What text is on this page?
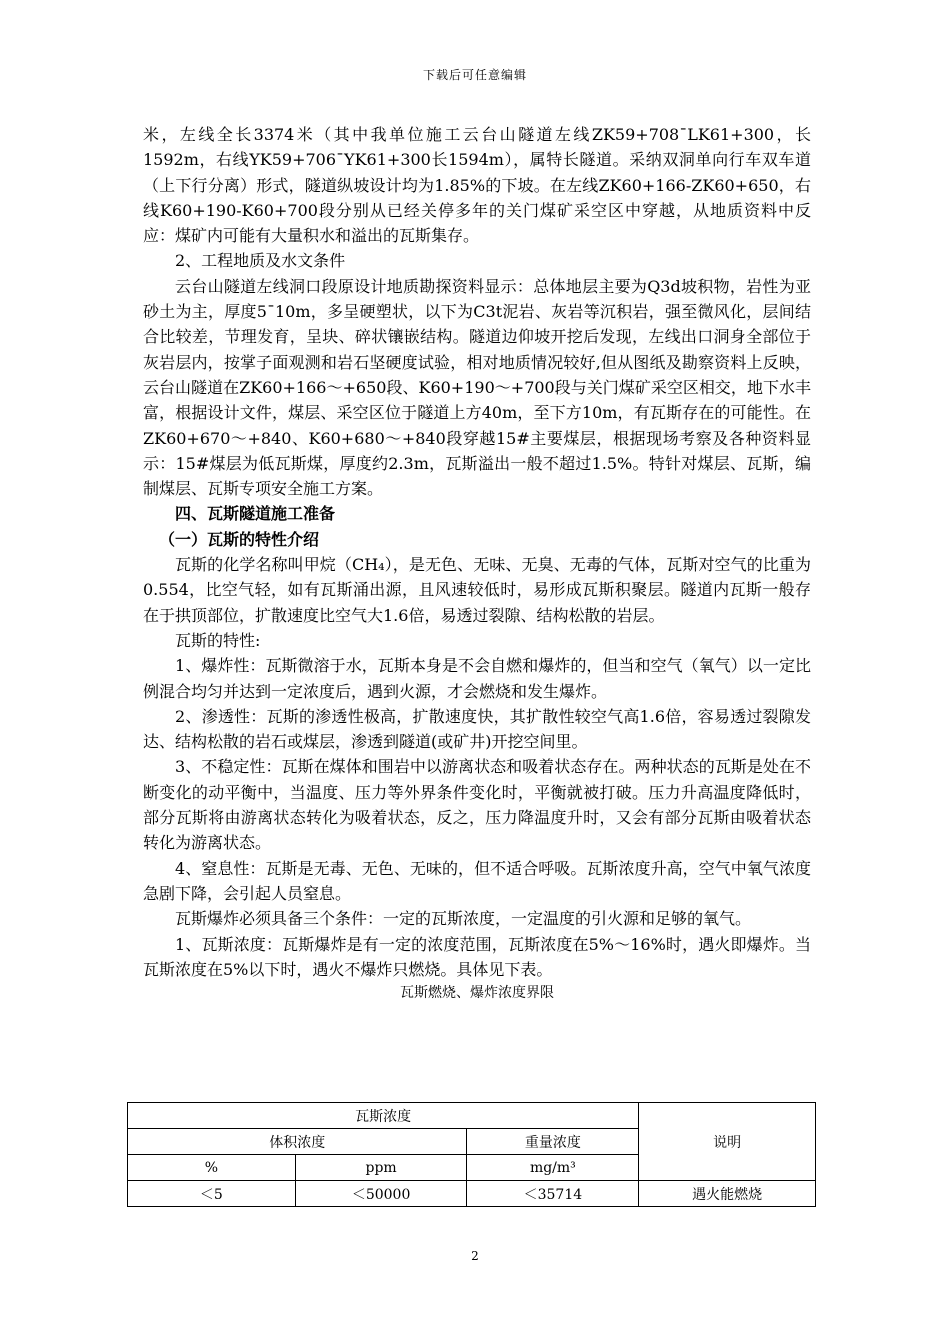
下载后可任意编辑

米，左线全长3374米（其中我单位施工云台山隧道左线ZK59+708¯LK61+300，长1592m，右线YK59+706¯YK61+300长1594m），属特长隧道。采纳双洞单向行车双车道（上下行分离）形式，隧道纵坡设计均为1.85%的下坡。在左线ZK60+166-ZK60+650，右线K60+190-K60+700段分别从已经关停多年的关门煤矿采空区中穿越，从地质资料中反应：煤矿内可能有大量积水和溢出的瓦斯集存。

2、工程地质及水文条件

云台山隧道左线洞口段原设计地质勘探资料显示：总体地层主要为Q3d坡积物，岩性为亚砂土为主，厚度5¯10m，多呈硬塑状，以下为C3t泥岩、灰岩等沉积岩，强至微风化，层间结合比较差，节理发育，呈块、碎状镶嵌结构。隧道边仰坡开挖后发现，左线出口洞身全部位于灰岩层内，按掌子面观测和岩石坚硬度试验，相对地质情况较好,但从图纸及勘察资料上反映，云台山隧道在ZK60+166～+650段、K60+190～+700段与关门煤矿采空区相交，地下水丰富，根据设计文件，煤层、采空区位于隧道上方40m，至下方10m，有瓦斯存在的可能性。在ZK60+670～+840、K60+680～+840段穿越15#主要煤层，根据现场考察及各种资料显示：15#煤层为低瓦斯煤，厚度约2.3m，瓦斯溢出一般不超过1.5%。特针对煤层、瓦斯，编制煤层、瓦斯专项安全施工方案。

四、瓦斯隧道施工准备

（一）瓦斯的特性介绍

瓦斯的化学名称叫甲烷（CH₄），是无色、无味、无臭、无毒的气体，瓦斯对空气的比重为0.554，比空气轻，如有瓦斯涌出源，且风速较低时，易形成瓦斯积聚层。隧道内瓦斯一般存在于拱顶部位，扩散速度比空气大1.6倍，易透过裂隙、结构松散的岩层。

瓦斯的特性:

1、爆炸性：瓦斯微溶于水，瓦斯本身是不会自燃和爆炸的，但当和空气（氧气）以一定比例混合均匀并达到一定浓度后，遇到火源，才会燃烧和发生爆炸。

2、渗透性：瓦斯的渗透性极高，扩散速度快，其扩散性较空气高1.6倍，容易透过裂隙发达、结构松散的岩石或煤层，渗透到隧道(或矿井)开挖空间里。

3、不稳定性：瓦斯在煤体和围岩中以游离状态和吸着状态存在。两种状态的瓦斯是处在不断变化的动平衡中，当温度、压力等外界条件变化时，平衡就被打破。压力升高温度降低时，部分瓦斯将由游离状态转化为吸着状态，反之，压力降温度升时，又会有部分瓦斯由吸着状态转化为游离状态。

4、窒息性：瓦斯是无毒、无色、无味的，但不适合呼吸。瓦斯浓度升高，空气中氧气浓度急剧下降，会引起人员窒息。

瓦斯爆炸必须具备三个条件：一定的瓦斯浓度，一定温度的引火源和足够的氧气。

1、瓦斯浓度：瓦斯爆炸是有一定的浓度范围，瓦斯浓度在5%～16%时，遇火即爆炸。当瓦斯浓度在5%以下时，遇火不爆炸只燃烧。具体见下表。

瓦斯燃烧、爆炸浓度界限

瓦斯浓度			说明
体积浓度		重量浓度	
%	ppm	mg/m³	
＜5	＜50000	＜35714	遇火能燃烧
2
